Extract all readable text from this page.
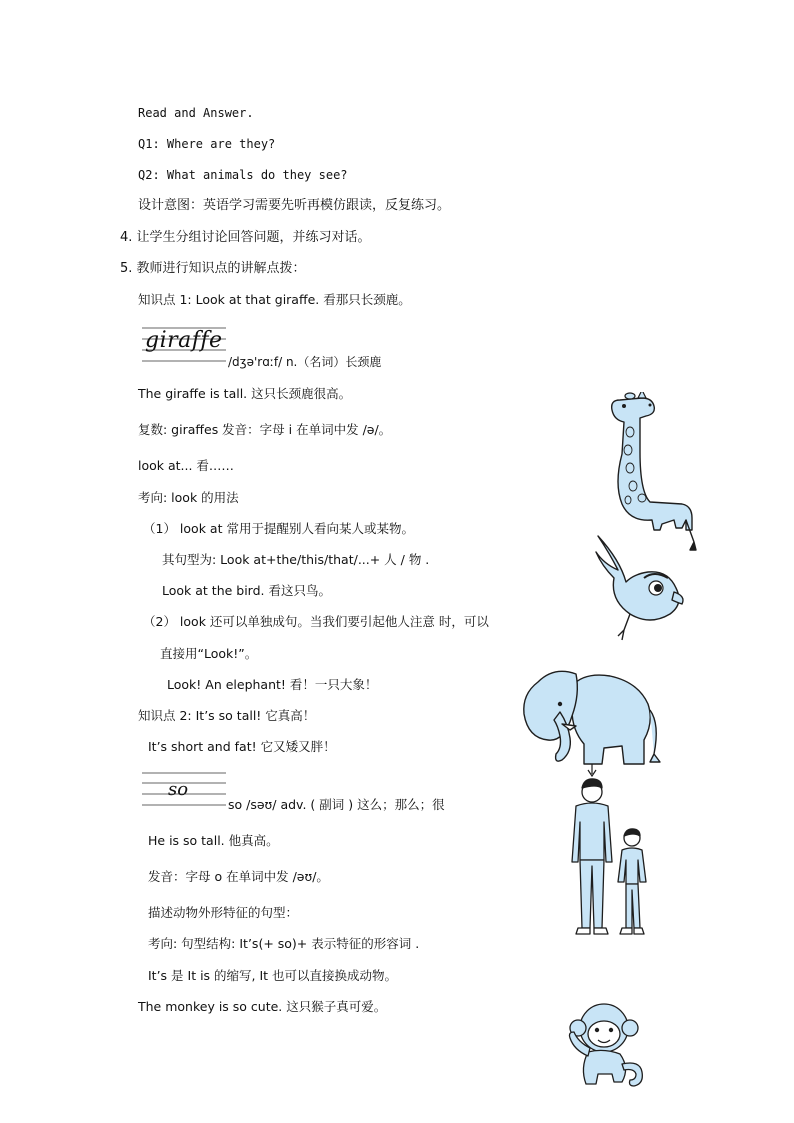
Read and Answer.
Q1: Where are they?
Q2: What animals do they see?
设计意图：英语学习需要先听再模仿跟读，反复练习。
4. 让学生分组讨论回答问题，并练习对话。
5. 教师进行知识点的讲解点拨：
知识点 1: Look at that giraffe. 看那只长颈鹿。
giraffe
/dʒə'rɑːf/ n.（名词）长颈鹿
The giraffe is tall. 这只长颈鹿很高。
复数: giraffes 发音：字母 i 在单词中发 /ə/。
look at... 看……
考向: look 的用法
（1） look at 常用于提醒别人看向某人或某物。
其句型为: Look at+the/this/that/...+ 人 / 物 .
Look at the bird. 看这只鸟。
（2） look 还可以单独成句。当我们要引起他人注意 时，可以
直接用“Look!”。
Look! An elephant! 看！一只大象！
知识点 2: It’s so tall! 它真高！
It’s short and fat! 它又矮又胖！
so
so /səʊ/ adv. ( 副词 ) 这么；那么；很
He is so tall. 他真高。
发音：字母 o 在单词中发 /əʊ/。
描述动物外形特征的句型：
考向: 句型结构: It’s(+ so)+ 表示特征的形容词 .
It’s 是 It is 的缩写, It 也可以直接换成动物。
The monkey is so cute. 这只猴子真可爱。
